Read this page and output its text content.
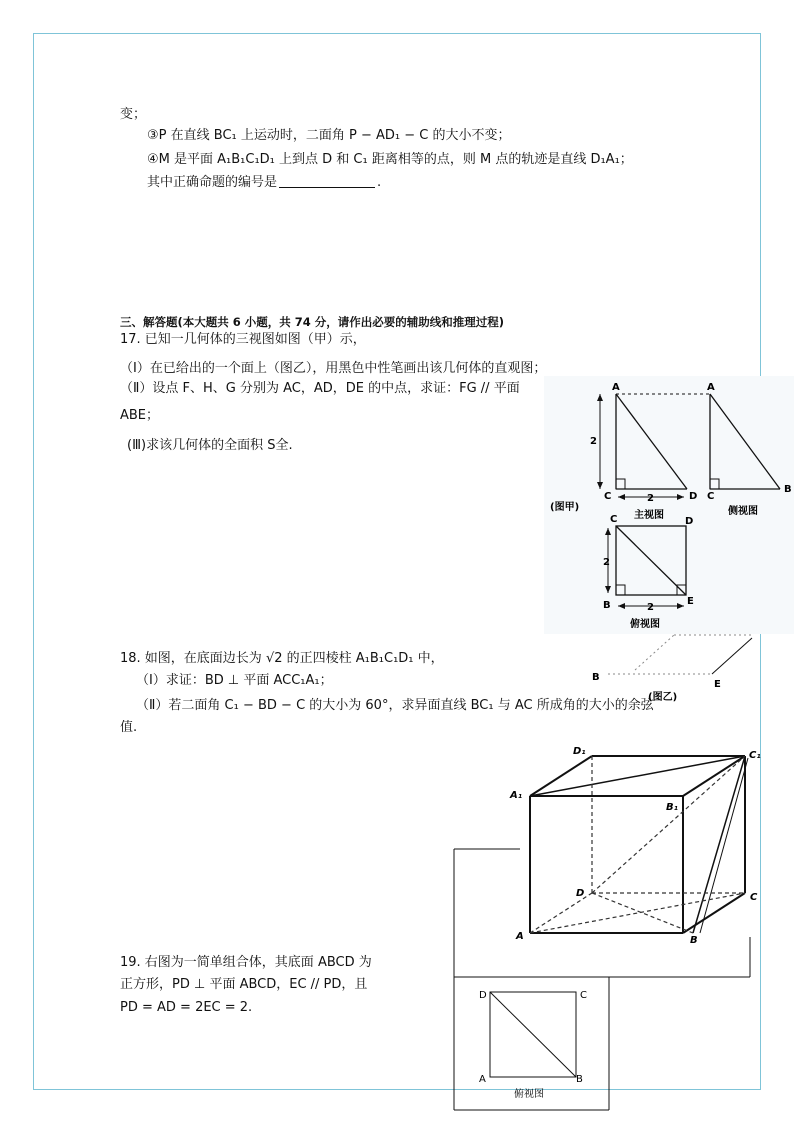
变；
③P 在直线 BC₁ 上运动时，二面角 P − AD₁ − C 的大小不变；
④M 是平面 A₁B₁C₁D₁ 上到点 D 和 C₁ 距离相等的点，则 M 点的轨迹是直线 D₁A₁；
其中正确命题的编号是	.
三、解答题(本大题共 6 小题，共 74 分，请作出必要的辅助线和推理过程)
17. 已知一几何体的三视图如图（甲）示，
（Ⅰ）在已给出的一个面上（图乙），用黑色中性笔画出该几何体的直观图；
（Ⅱ）设点 F、H、G 分别为 AC，AD，DE 的中点，求证：FG // 平面
ABE；
(Ⅲ)求该几何体的全面积 S全.	2
A
C	D
2
A
C
B
(图甲)
主视图	侧视图
C	D
B	E
2
2
俯视图
B
E
(图乙)
18. 如图，在底面边长为 √2 的正四棱柱 A₁B₁C₁D₁ 中，
（Ⅰ）求证：BD ⊥ 平面 ACC₁A₁；
（Ⅱ）若二面角 C₁ − BD − C 的大小为 60°，求异面直线 BC₁ 与 AC 所成角的大小的余弦
值.
D₁	C₁
A₁
B₁
D	C
A	B
19. 右图为一简单组合体，其底面 ABCD 为
正方形，PD ⊥ 平面 ABCD，EC // PD，且
PD = AD = 2EC = 2.
D	C
A	B
俯视图
